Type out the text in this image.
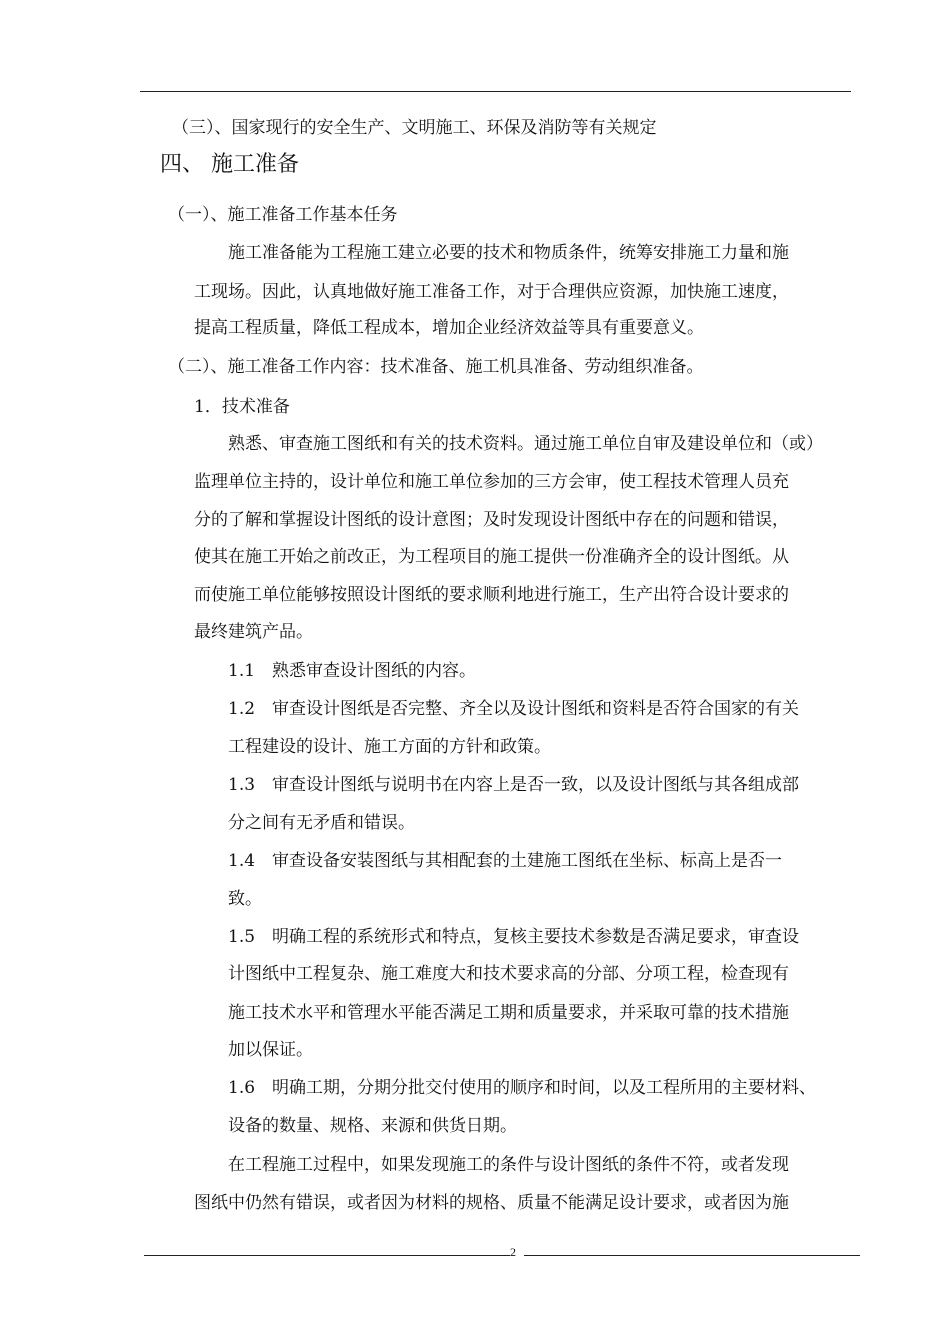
（三）、国家现行的安全生产、文明施工、环保及消防等有关规定
四、 施工准备
（一）、施工准备工作基本任务
施工准备能为工程施工建立必要的技术和物质条件，统筹安排施工力量和施
工现场。因此，认真地做好施工准备工作，对于合理供应资源，加快施工速度，
提高工程质量，降低工程成本，增加企业经济效益等具有重要意义。
（二）、施工准备工作内容：技术准备、施工机具准备、劳动组织准备。
1．技术准备
熟悉、审查施工图纸和有关的技术资料。通过施工单位自审及建设单位和（或）
监理单位主持的，设计单位和施工单位参加的三方会审，使工程技术管理人员充
分的了解和掌握设计图纸的设计意图；及时发现设计图纸中存在的问题和错误，
使其在施工开始之前改正，为工程项目的施工提供一份准确齐全的设计图纸。从
而使施工单位能够按照设计图纸的要求顺利地进行施工，生产出符合设计要求的
最终建筑产品。
1.1　熟悉审查设计图纸的内容。
1.2　审查设计图纸是否完整、齐全以及设计图纸和资料是否符合国家的有关
工程建设的设计、施工方面的方针和政策。
1.3　审查设计图纸与说明书在内容上是否一致，以及设计图纸与其各组成部
分之间有无矛盾和错误。
1.4　审查设备安装图纸与其相配套的土建施工图纸在坐标、标高上是否一
致。
1.5　明确工程的系统形式和特点，复核主要技术参数是否满足要求，审查设
计图纸中工程复杂、施工难度大和技术要求高的分部、分项工程，检查现有
施工技术水平和管理水平能否满足工期和质量要求，并采取可靠的技术措施
加以保证。
1.6　明确工期，分期分批交付使用的顺序和时间，以及工程所用的主要材料、
设备的数量、规格、来源和供货日期。
在工程施工过程中，如果发现施工的条件与设计图纸的条件不符，或者发现
图纸中仍然有错误，或者因为材料的规格、质量不能满足设计要求，或者因为施
2
